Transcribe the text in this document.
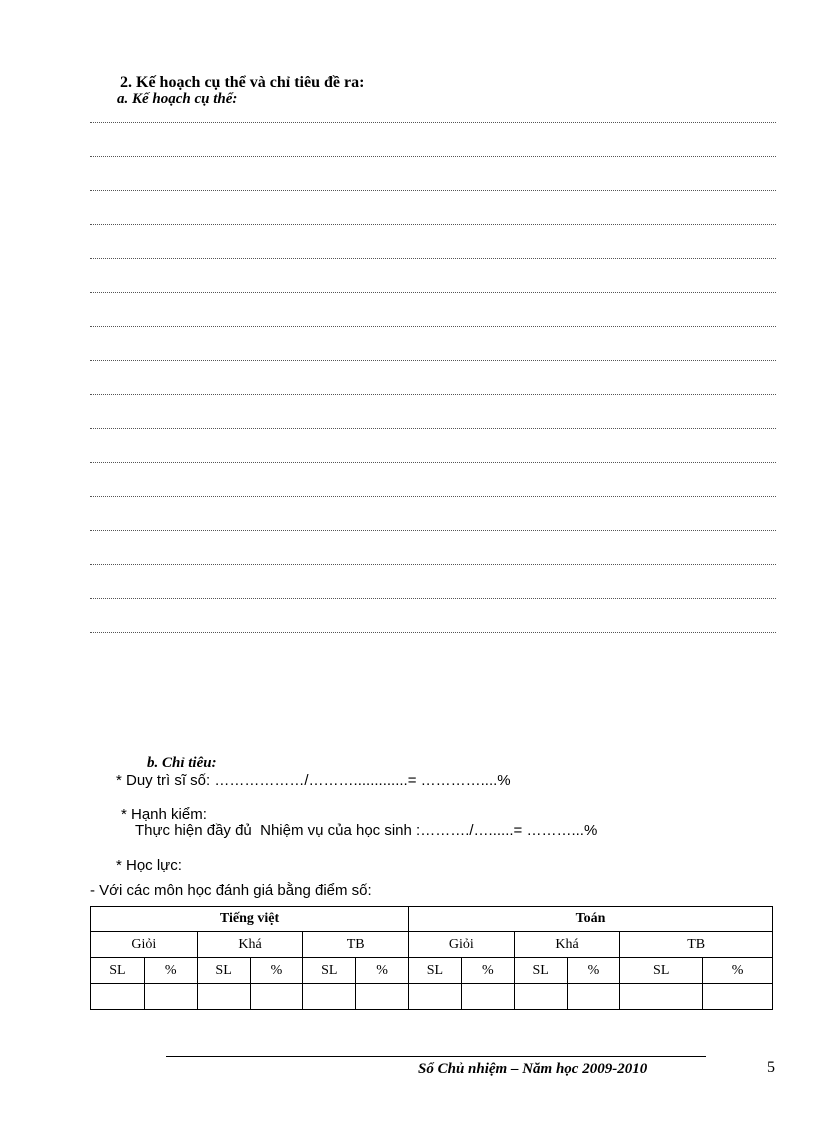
2. Kế hoạch cụ thể và chỉ tiêu đề ra:
a. Kế hoạch cụ thể:
b. Chỉ tiêu:
* Duy trì sĩ số: ………………/……….............= …………....%
* Hạnh kiểm:
Thực hiện đầy đủ  Nhiệm vụ của học sinh :………./…......= ………...%
* Học lực:
- Với các môn học đánh giá bằng điểm số:
Tiếng việt						Toán					
Giỏi		Khá		TB		Giỏi		Khá		TB	
SL	%	SL	%	SL	%	SL	%	SL	%	SL	%

Sổ Chủ nhiệm – Năm học 2009-2010	5
